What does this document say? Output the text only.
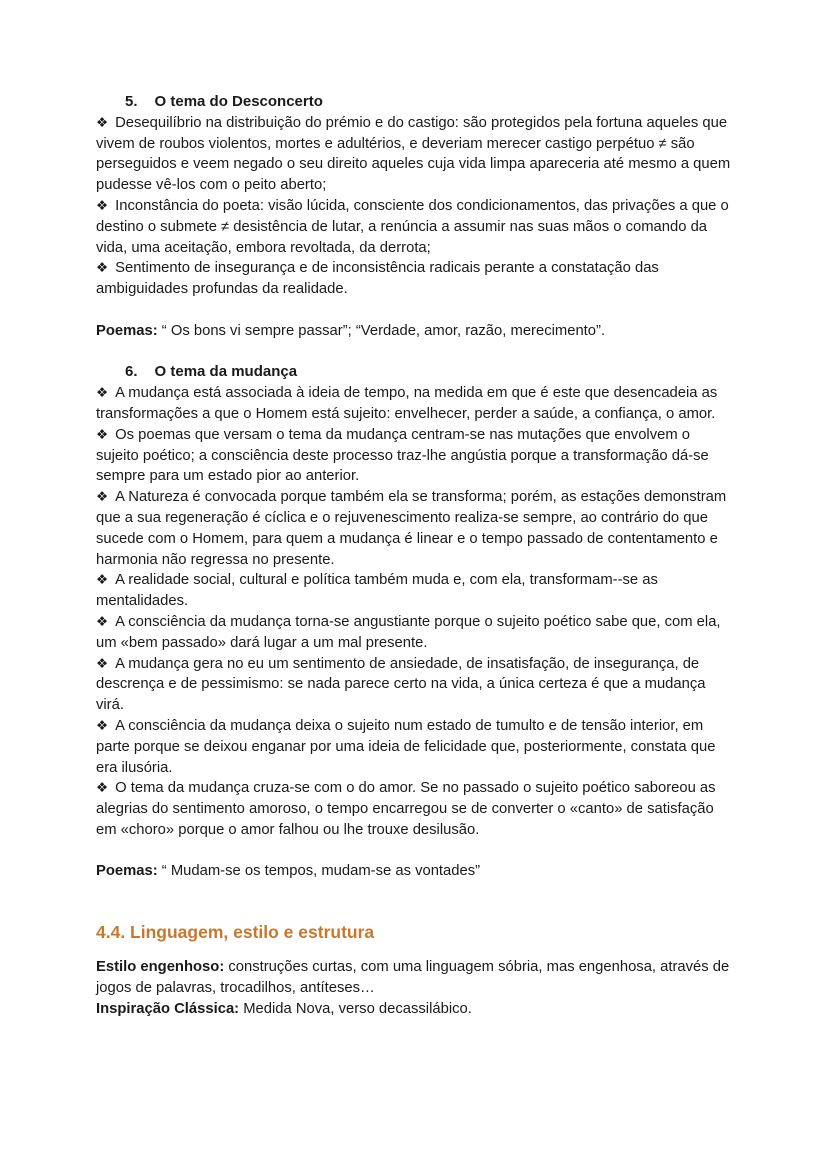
5. O tema do Desconcerto

❖ Desequilíbrio na distribuição do prémio e do castigo: são protegidos pela fortuna aqueles que vivem de roubos violentos, mortes e adultérios, e deveriam merecer castigo perpétuo ≠ são perseguidos e veem negado o seu direito aqueles cuja vida limpa apareceria até mesmo a quem pudesse vê-los com o peito aberto;

❖ Inconstância do poeta: visão lúcida, consciente dos condicionamentos, das privações a que o destino o submete ≠ desistência de lutar, a renúncia a assumir nas suas mãos o comando da vida, uma aceitação, embora revoltada, da derrota;

❖ Sentimento de insegurança e de inconsistência radicais perante a constatação das ambiguidades profundas da realidade.

Poemas: “ Os bons vi sempre passar”; “Verdade, amor, razão, merecimento”.

6. O tema da mudança

❖ A mudança está associada à ideia de tempo, na medida em que é este que desencadeia as transformações a que o Homem está sujeito: envelhecer, perder a saúde, a confiança, o amor.

❖ Os poemas que versam o tema da mudança centram-se nas mutações que envolvem o sujeito poético; a consciência deste processo traz-lhe angústia porque a transformação dá-se sempre para um estado pior ao anterior.

❖ A Natureza é convocada porque também ela se transforma; porém, as estações demonstram que a sua regeneração é cíclica e o rejuvenescimento realiza-se sempre, ao contrário do que sucede com o Homem, para quem a mudança é linear e o tempo passado de contentamento e harmonia não regressa no presente.

❖ A realidade social, cultural e política também muda e, com ela, transformam--se as mentalidades.

❖ A consciência da mudança torna-se angustiante porque o sujeito poético sabe que, com ela, um «bem passado» dará lugar a um mal presente.

❖ A mudança gera no eu um sentimento de ansiedade, de insatisfação, de insegurança, de descrença e de pessimismo: se nada parece certo na vida, a única certeza é que a mudança virá.

❖ A consciência da mudança deixa o sujeito num estado de tumulto e de tensão interior, em parte porque se deixou enganar por uma ideia de felicidade que, posteriormente, constata que era ilusória.

❖ O tema da mudança cruza-se com o do amor. Se no passado o sujeito poético saboreou as alegrias do sentimento amoroso, o tempo encarregou se de converter o «canto» de satisfação em «choro» porque o amor falhou ou lhe trouxe desilusão.

Poemas: “ Mudam-se os tempos, mudam-se as vontades”

4.4. Linguagem, estilo e estrutura

Estilo engenhoso: construções curtas, com uma linguagem sóbria, mas engenhosa, através de jogos de palavras, trocadilhos, antíteses…

Inspiração Clássica: Medida Nova, verso decassilábico.
